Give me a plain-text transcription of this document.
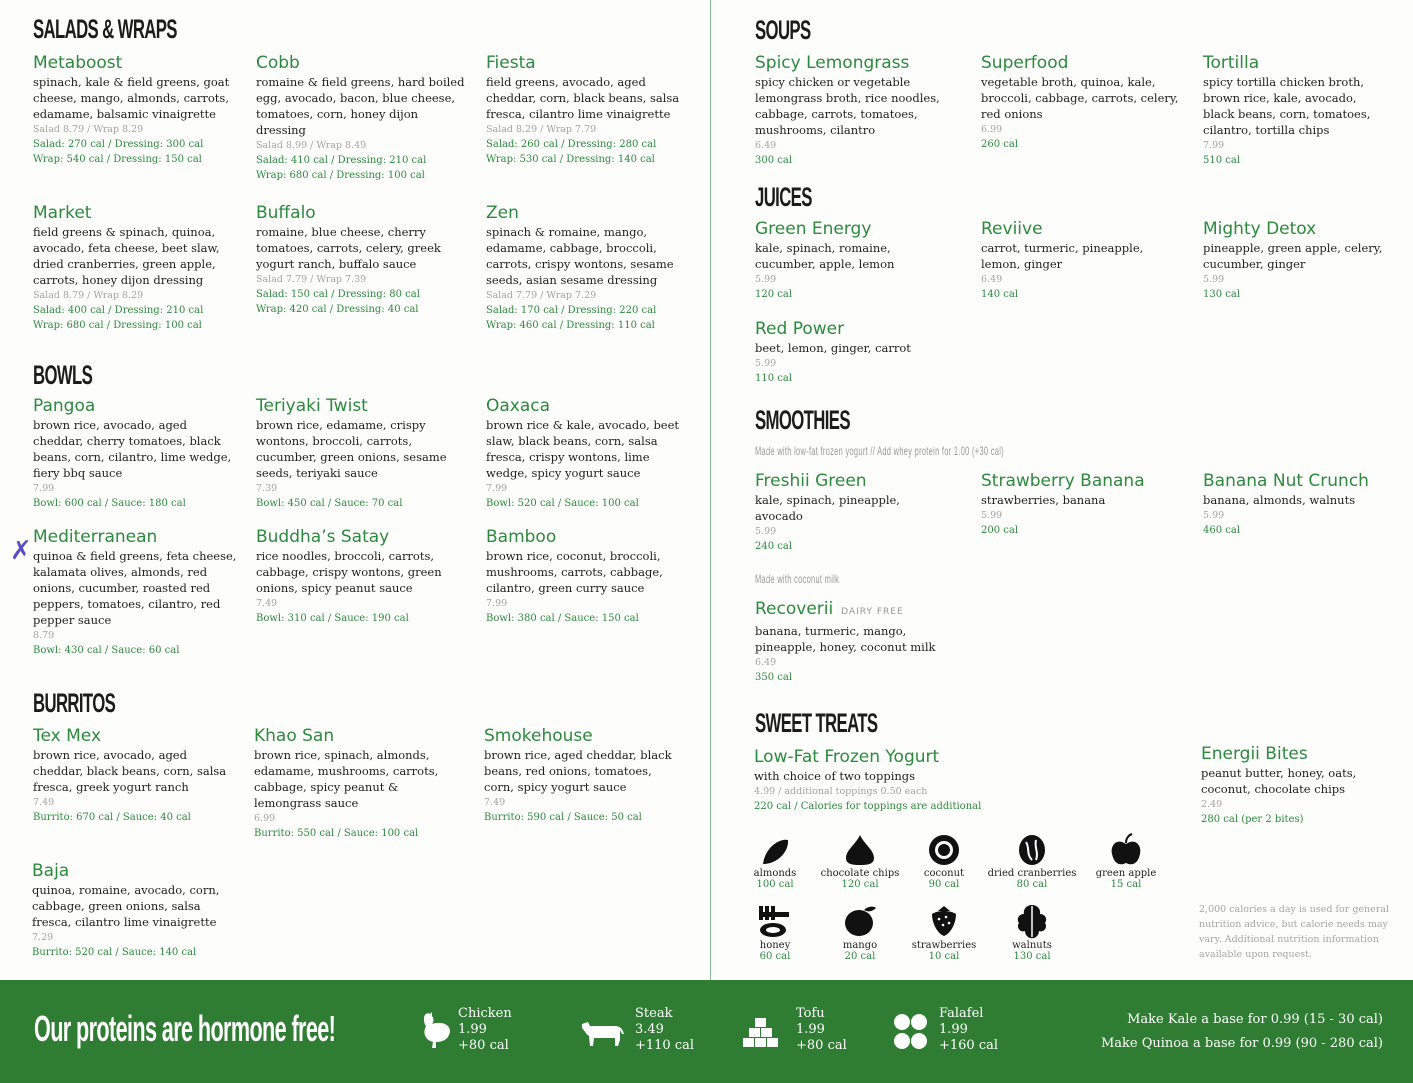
SALADS & WRAPS
Metaboost
spinach, kale & field greens, goat cheese, mango, almonds, carrots, edamame, balsamic vinaigrette
Salad 8.79 / Wrap 8.29
Salad: 270 cal / Dressing: 300 cal
Wrap: 540 cal / Dressing: 150 cal
Cobb
romaine & field greens, hard boiled egg, avocado, bacon, blue cheese, tomatoes, corn, honey dijon dressing
Salad 8.99 / Wrap 8.49
Salad: 410 cal / Dressing: 210 cal
Wrap: 680 cal / Dressing: 100 cal
Fiesta
field greens, avocado, aged cheddar, corn, black beans, salsa fresca, cilantro lime vinaigrette
Salad 8.29 / Wrap 7.79
Salad: 260 cal / Dressing: 280 cal
Wrap: 530 cal / Dressing: 140 cal
Market
field greens & spinach, quinoa, avocado, feta cheese, beet slaw, dried cranberries, green apple, carrots, honey dijon dressing
Salad 8.79 / Wrap 8.29
Salad: 400 cal / Dressing: 210 cal
Wrap: 680 cal / Dressing: 100 cal
Buffalo
romaine, blue cheese, cherry tomatoes, carrots, celery, greek yogurt ranch, buffalo sauce
Salad 7.79 / Wrap 7.39
Salad: 150 cal / Dressing: 80 cal
Wrap: 420 cal / Dressing: 40 cal
Zen
spinach & romaine, mango, edamame, cabbage, broccoli, carrots, crispy wontons, sesame seeds, asian sesame dressing
Salad 7.79 / Wrap 7.29
Salad: 170 cal / Dressing: 220 cal
Wrap: 460 cal / Dressing: 110 cal
BOWLS
Pangoa
brown rice, avocado, aged cheddar, cherry tomatoes, black beans, corn, cilantro, lime wedge, fiery bbq sauce
7.99
Bowl: 600 cal / Sauce: 180 cal
Teriyaki Twist
brown rice, edamame, crispy wontons, broccoli, carrots, cucumber, green onions, sesame seeds, teriyaki sauce
7.39
Bowl: 450 cal / Sauce: 70 cal
Oaxaca
brown rice & kale, avocado, beet slaw, black beans, corn, salsa fresca, crispy wontons, lime wedge, spicy yogurt sauce
7.99
Bowl: 520 cal / Sauce: 100 cal
✗ Mediterranean
quinoa & field greens, feta cheese, kalamata olives, almonds, red onions, cucumber, roasted red peppers, tomatoes, cilantro, red pepper sauce
8.79
Bowl: 430 cal / Sauce: 60 cal
Buddha’s Satay
rice noodles, broccoli, carrots, cabbage, crispy wontons, green onions, spicy peanut sauce
7.49
Bowl: 310 cal / Sauce: 190 cal
Bamboo
brown rice, coconut, broccoli, mushrooms, carrots, cabbage, cilantro, green curry sauce
7.99
Bowl: 380 cal / Sauce: 150 cal
BURRITOS
Tex Mex
brown rice, avocado, aged cheddar, black beans, corn, salsa fresca, greek yogurt ranch
7.49
Burrito: 670 cal / Sauce: 40 cal
Khao San
brown rice, spinach, almonds, edamame, mushrooms, carrots, cabbage, spicy peanut & lemongrass sauce
6.99
Burrito: 550 cal / Sauce: 100 cal
Smokehouse
brown rice, aged cheddar, black beans, red onions, tomatoes, corn, spicy yogurt sauce
7.49
Burrito: 590 cal / Sauce: 50 cal
Baja
quinoa, romaine, avocado, corn, cabbage, green onions, salsa fresca, cilantro lime vinaigrette
7.29
Burrito: 520 cal / Sauce: 140 cal
SOUPS
Spicy Lemongrass
spicy chicken or vegetable lemongrass broth, rice noodles, cabbage, carrots, tomatoes, mushrooms, cilantro
6.49
300 cal
Superfood
vegetable broth, quinoa, kale, broccoli, cabbage, carrots, celery, red onions
6.99
260 cal
Tortilla
spicy tortilla chicken broth, brown rice, kale, avocado, black beans, corn, tomatoes, cilantro, tortilla chips
7.99
510 cal
JUICES
Green Energy
kale, spinach, romaine, cucumber, apple, lemon
5.99
120 cal
Reviive
carrot, turmeric, pineapple, lemon, ginger
6.49
140 cal
Mighty Detox
pineapple, green apple, celery, cucumber, ginger
5.99
130 cal
Red Power
beet, lemon, ginger, carrot
5.99
110 cal
SMOOTHIES
Made with low-fat frozen yogurt // Add whey protein for 1.00 (+30 cal)
Freshii Green
kale, spinach, pineapple, avocado
5.99
240 cal
Strawberry Banana
strawberries, banana
5.99
200 cal
Banana Nut Crunch
banana, almonds, walnuts
5.99
460 cal
Made with coconut milk
Recoverii DAIRY FREE
banana, turmeric, mango, pineapple, honey, coconut milk
6.49
350 cal
SWEET TREATS
Low-Fat Frozen Yogurt
with choice of two toppings
4.99 / additional toppings 0.50 each
220 cal / Calories for toppings are additional
Energii Bites
peanut butter, honey, oats, coconut, chocolate chips
2.49
280 cal (per 2 bites)
almonds
100 cal
chocolate chips
120 cal
coconut
90 cal
dried cranberries
80 cal
green apple
15 cal
honey
60 cal
mango
20 cal
strawberries
10 cal
walnuts
130 cal
2,000 calories a day is used for general nutrition advice, but calorie needs may vary. Additional nutrition information available upon request.
Our proteins are hormone free!	Chicken
1.99
+80 cal
Steak
3.49
+110 cal
Tofu
1.99
+80 cal
Falafel
1.99
+160 cal
Make Kale a base for 0.99 (15 - 30 cal)
Make Quinoa a base for 0.99 (90 - 280 cal)
